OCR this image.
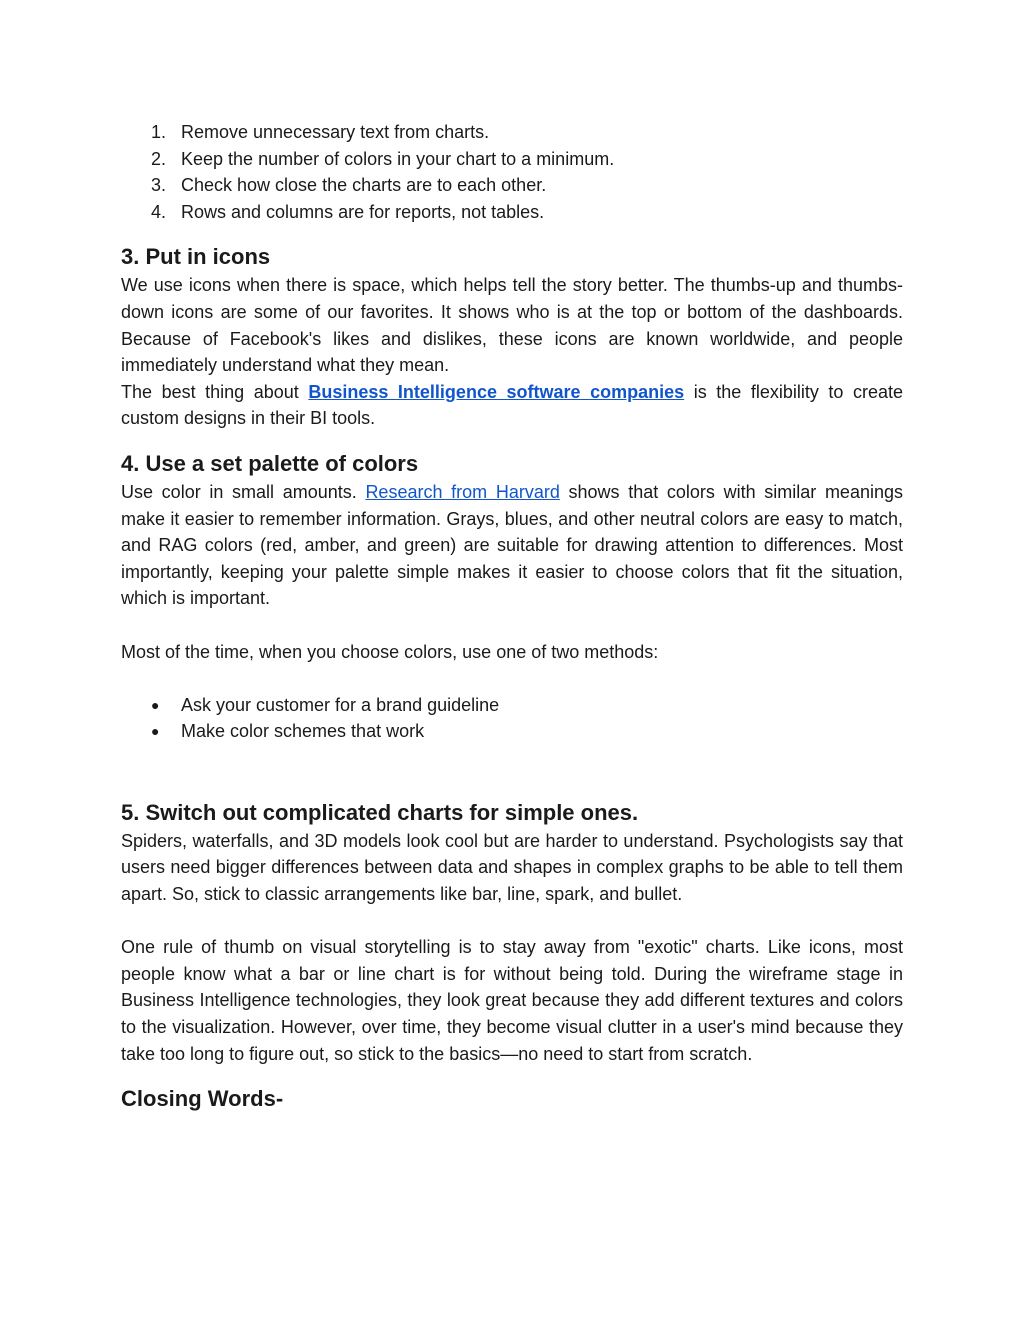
1. Remove unnecessary text from charts.
2. Keep the number of colors in your chart to a minimum.
3. Check how close the charts are to each other.
4. Rows and columns are for reports, not tables.
3. Put in icons

We use icons when there is space, which helps tell the story better. The thumbs-up and thumbs-down icons are some of our favorites. It shows who is at the top or bottom of the dashboards. Because of Facebook's likes and dislikes, these icons are known worldwide, and people immediately understand what they mean.

The best thing about Business Intelligence software companies is the flexibility to create custom designs in their BI tools.

4. Use a set palette of colors

Use color in small amounts. Research from Harvard shows that colors with similar meanings make it easier to remember information. Grays, blues, and other neutral colors are easy to match, and RAG colors (red, amber, and green) are suitable for drawing attention to differences. Most importantly, keeping your palette simple makes it easier to choose colors that fit the situation, which is important.

Most of the time, when you choose colors, use one of two methods:

● Ask your customer for a brand guideline
● Make color schemes that work
5. Switch out complicated charts for simple ones.

Spiders, waterfalls, and 3D models look cool but are harder to understand. Psychologists say that users need bigger differences between data and shapes in complex graphs to be able to tell them apart. So, stick to classic arrangements like bar, line, spark, and bullet.

One rule of thumb on visual storytelling is to stay away from "exotic" charts. Like icons, most people know what a bar or line chart is for without being told. During the wireframe stage in Business Intelligence technologies, they look great because they add different textures and colors to the visualization. However, over time, they become visual clutter in a user's mind because they take too long to figure out, so stick to the basics—no need to start from scratch.

Closing Words-
